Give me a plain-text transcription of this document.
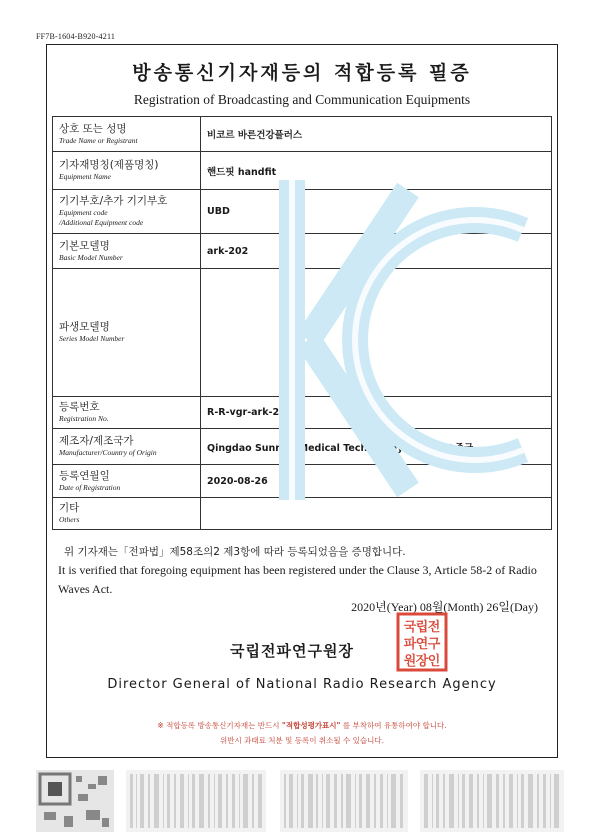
FF7B-1604-B920-4211
방송통신기자재등의 적합등록 필증
Registration of Broadcasting and Communication Equipments
상호 또는 성명
Trade Name or Registrant	비코르 바른건강플러스

기자재명칭(제품명칭)
Equipment Name	핸드핏 handfit

기기부호/추가 기기부호
Equipment code
/Additional Equipment code	UBD

기본모델명
Basic Model Number	ark-202

파생모델명
Series Model Number	

등록번호
Registration No.	R-R-vgr-ark-202

제조자/제조국가
Manufacturer/Country of Origin	Qingdao Sunrise Medical Technology Co.,Ltd / 중국

등록연월일
Date of Registration	2020-08-26

기타
Others	

위 기자재는「전파법」제58조의2 제3항에 따라 등록되었음을 증명합니다.
It is verified that foregoing equipment has been registered under the Clause 3, Article 58-2 of Radio Waves Act.
2020년(Year) 08월(Month) 26일(Day)
국립전파연구원장
전
립
국
구
연
파
인
장
원
Director General of National Radio Research Agency
※ 적합등록 방송통신기자재는 반드시 "적합성평가표시" 를 부착하여 유통하여야 합니다.
위반시 과태료 처분 및 등록이 취소될 수 있습니다.
